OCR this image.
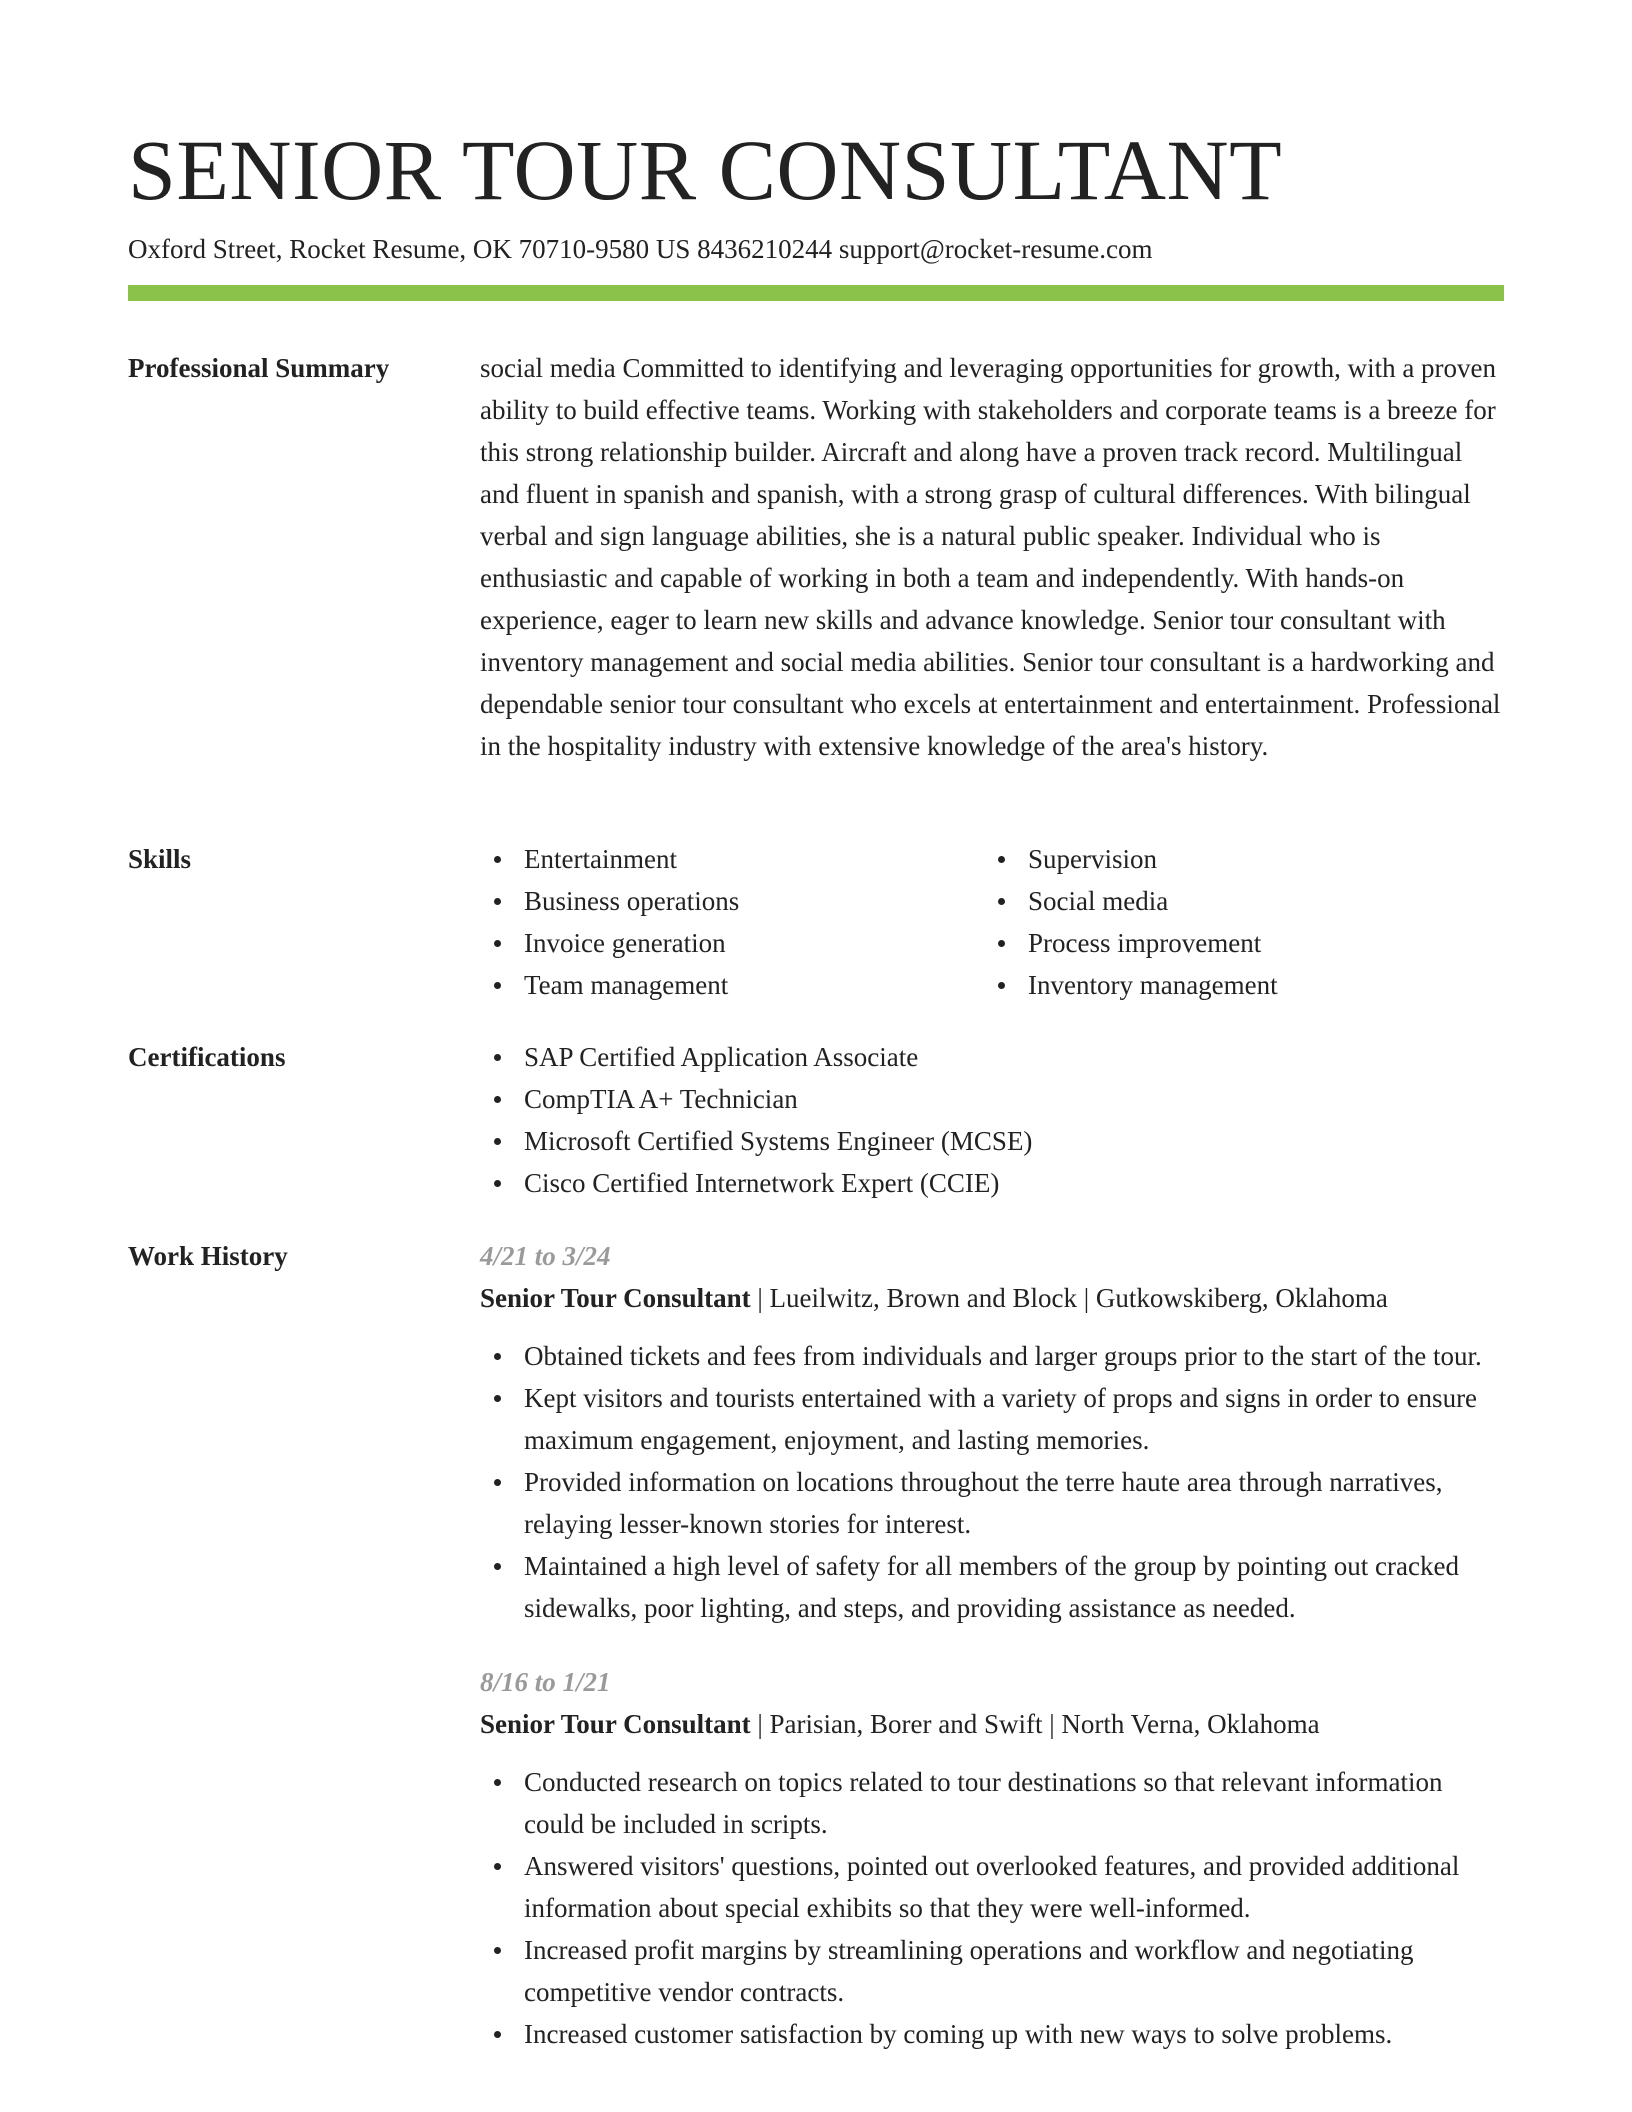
SENIOR TOUR CONSULTANT
Oxford Street, Rocket Resume, OK 70710-9580 US 8436210244 support@rocket-resume.com
Professional Summary	social media Committed to identifying and leveraging opportunities for growth, with a proven ability to build effective teams. Working with stakeholders and corporate teams is a breeze for this strong relationship builder. Aircraft and along have a proven track record. Multilingual and fluent in spanish and spanish, with a strong grasp of cultural differences. With bilingual verbal and sign language abilities, she is a natural public speaker. Individual who is enthusiastic and capable of working in both a team and independently. With hands-on experience, eager to learn new skills and advance knowledge. Senior tour consultant with inventory management and social media abilities. Senior tour consultant is a hardworking and dependable senior tour consultant who excels at entertainment and entertainment. Professional in the hospitality industry with extensive knowledge of the area's history.
Skills	Entertainment
Business operations
Invoice generation
Team management
Supervision
Social media
Process improvement
Inventory management
Certifications	SAP Certified Application Associate
CompTIA A+ Technician
Microsoft Certified Systems Engineer (MCSE)
Cisco Certified Internetwork Expert (CCIE)
Work History	4/21 to 3/24
Senior Tour Consultant | Lueilwitz, Brown and Block | Gutkowskiberg, Oklahoma
Obtained tickets and fees from individuals and larger groups prior to the start of the tour.
Kept visitors and tourists entertained with a variety of props and signs in order to ensure maximum engagement, enjoyment, and lasting memories.
Provided information on locations throughout the terre haute area through narratives, relaying lesser-known stories for interest.
Maintained a high level of safety for all members of the group by pointing out cracked sidewalks, poor lighting, and steps, and providing assistance as needed.
8/16 to 1/21
Senior Tour Consultant | Parisian, Borer and Swift | North Verna, Oklahoma
Conducted research on topics related to tour destinations so that relevant information could be included in scripts.
Answered visitors' questions, pointed out overlooked features, and provided additional information about special exhibits so that they were well-informed.
Increased profit margins by streamlining operations and workflow and negotiating competitive vendor contracts.
Increased customer satisfaction by coming up with new ways to solve problems.
